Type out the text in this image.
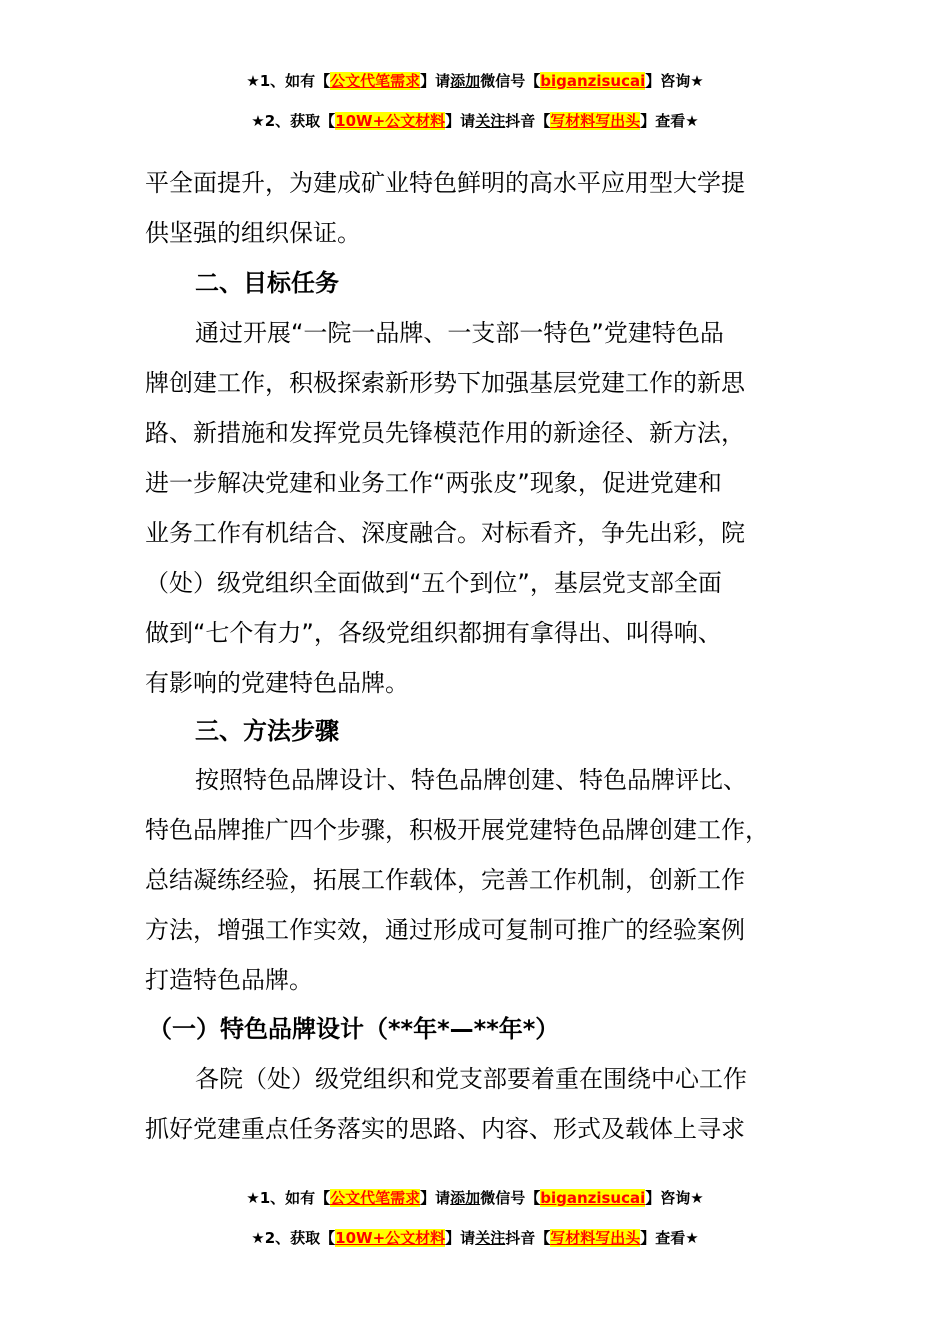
★1、如有【公文代笔需求】请添加微信号【biganzisucai】咨询★
★2、获取【10W+公文材料】请关注抖音【写材料写出头】查看★
平全面提升，为建成矿业特色鲜明的高水平应用型大学提
供坚强的组织保证。
二、目标任务
通过开展“一院一品牌、一支部一特色”党建特色品
牌创建工作，积极探索新形势下加强基层党建工作的新思
路、新措施和发挥党员先锋模范作用的新途径、新方法，
进一步解决党建和业务工作“两张皮”现象，促进党建和
业务工作有机结合、深度融合。对标看齐，争先出彩，院
（处）级党组织全面做到“五个到位”，基层党支部全面
做到“七个有力”，各级党组织都拥有拿得出、叫得响、
有影响的党建特色品牌。
三、方法步骤
按照特色品牌设计、特色品牌创建、特色品牌评比、
特色品牌推广四个步骤，积极开展党建特色品牌创建工作，
总结凝练经验，拓展工作载体，完善工作机制，创新工作
方法，增强工作实效，通过形成可复制可推广的经验案例
打造特色品牌。
（一）特色品牌设计（**年*—**年*）
各院（处）级党组织和党支部要着重在围绕中心工作
抓好党建重点任务落实的思路、内容、形式及载体上寻求
★1、如有【公文代笔需求】请添加微信号【biganzisucai】咨询★
★2、获取【10W+公文材料】请关注抖音【写材料写出头】查看★
